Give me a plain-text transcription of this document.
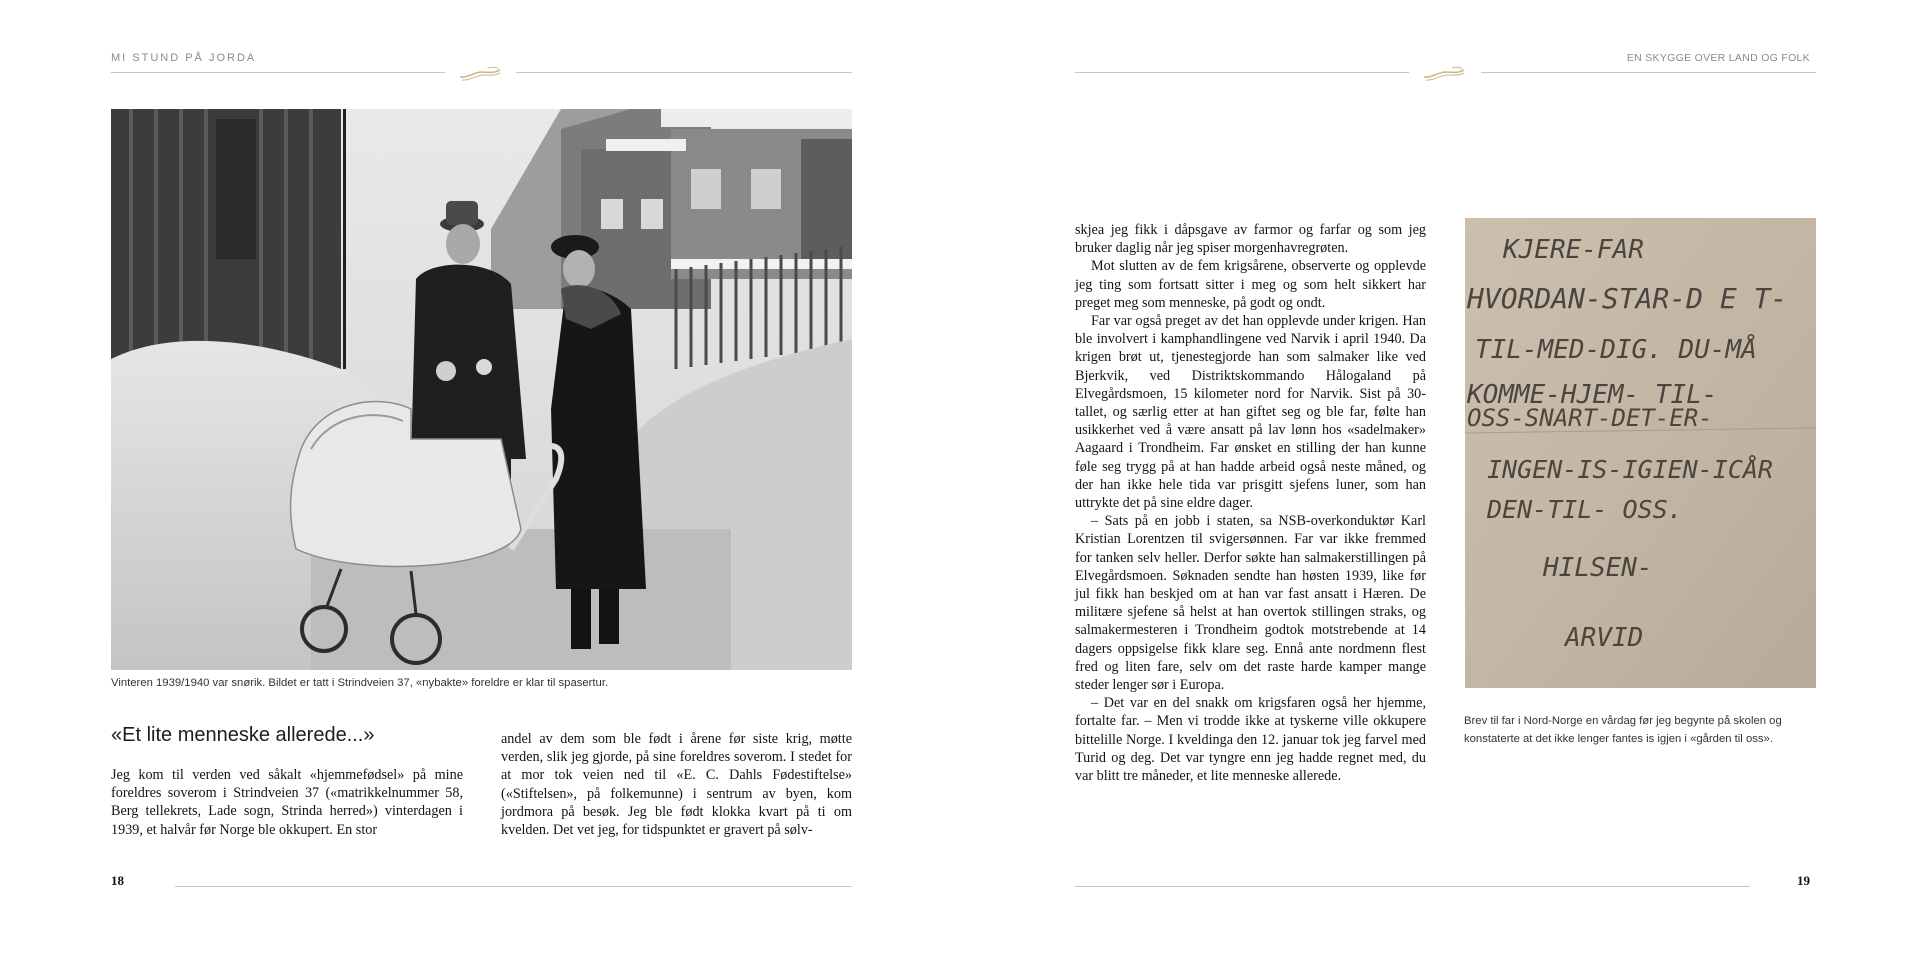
MI STUND PÅ JORDA	EN SKYGGE OVER LAND OG FOLK
Vinteren 1939/1940 var snørik. Bildet er tatt i Strindveien 37, «nybakte» foreldre er klar til spasertur.
«Et lite menneske allerede...»

Jeg kom til verden ved såkalt «hjemmefødsel» på mine foreldres soverom i Strindveien 37 («matrikkelnummer 58, Berg tellekrets, Lade sogn, Strinda herred») vinterdagen i 1939, et halvår før Norge ble okkupert. En stor

andel av dem som ble født i årene før siste krig, møtte verden, slik jeg gjorde, på sine foreldres soverom. I stedet for at mor tok veien ned til «E. C. Dahls Fødestiftelse» («Stiftelsen», på folkemunne) i sentrum av byen, kom jordmora på besøk. Jeg ble født klokka kvart på ti om kvelden. Det vet jeg, for tidspunktet er gravert på sølv-

skjea jeg fikk i dåpsgave av farmor og farfar og som jeg bruker daglig når jeg spiser morgenhavregrøten.

Mot slutten av de fem krigsårene, observerte og opplevde jeg ting som fortsatt sitter i meg og som helt sikkert har preget meg som menneske, på godt og ondt.

Far var også preget av det han opplevde under krigen. Han ble involvert i kamphandlingene ved Narvik i april 1940. Da krigen brøt ut, tjenestegjorde han som salmaker like ved Bjerkvik, ved Distriktskommando Hålogaland på Elvegårdsmoen, 15 kilometer nord for Narvik. Sist på 30-tallet, og særlig etter at han giftet seg og ble far, følte han usikkerhet ved å være ansatt på lav lønn hos «sadelmaker» Aagaard i Trondheim. Far ønsket en stilling der han kunne føle seg trygg på at han hadde arbeid også neste måned, og der han ikke hele tida var prisgitt sjefens luner, som han uttrykte det på sine eldre dager.

– Sats på en jobb i staten, sa NSB-overkonduktør Karl Kristian Lorentzen til svigersønnen. Far var ikke fremmed for tanken selv heller. Derfor søkte han salmakerstillingen på Elvegårdsmoen. Søknaden sendte han høsten 1939, like før jul fikk han beskjed om at han var fast ansatt i Hæren. De militære sjefene så helst at han overtok stillingen straks, og salmakermesteren i Trondheim godtok motstrebende at 14 dagers oppsigelse fikk klare seg. Ennå ante nordmenn flest fred og liten fare, selv om det raste harde kamper mange steder lenger sør i Europa.

– Det var en del snakk om krigsfaren også her hjemme, fortalte far. – Men vi trodde ikke at tyskerne ville okkupere bittelille Norge. I kveldinga den 12. januar tok jeg farvel med Turid og deg. Det var tyngre enn jeg hadde regnet med, du var blitt tre måneder, et lite menneske allerede.

KJERE-FAR
HVORDAN-STAR-D E T-
TIL-MED-DIG. DU-MÅ
KOMME-HJEM- TIL-
OSS-SNART-DET-ER-
INGEN-IS-IGIEN-ICÅR
DEN-TIL- OSS.
HILSEN-
ARVID
Brev til far i Nord-Norge en vårdag før jeg begynte på skolen og konstaterte at det ikke lenger fantes is igjen i «gården til oss».
18	19
